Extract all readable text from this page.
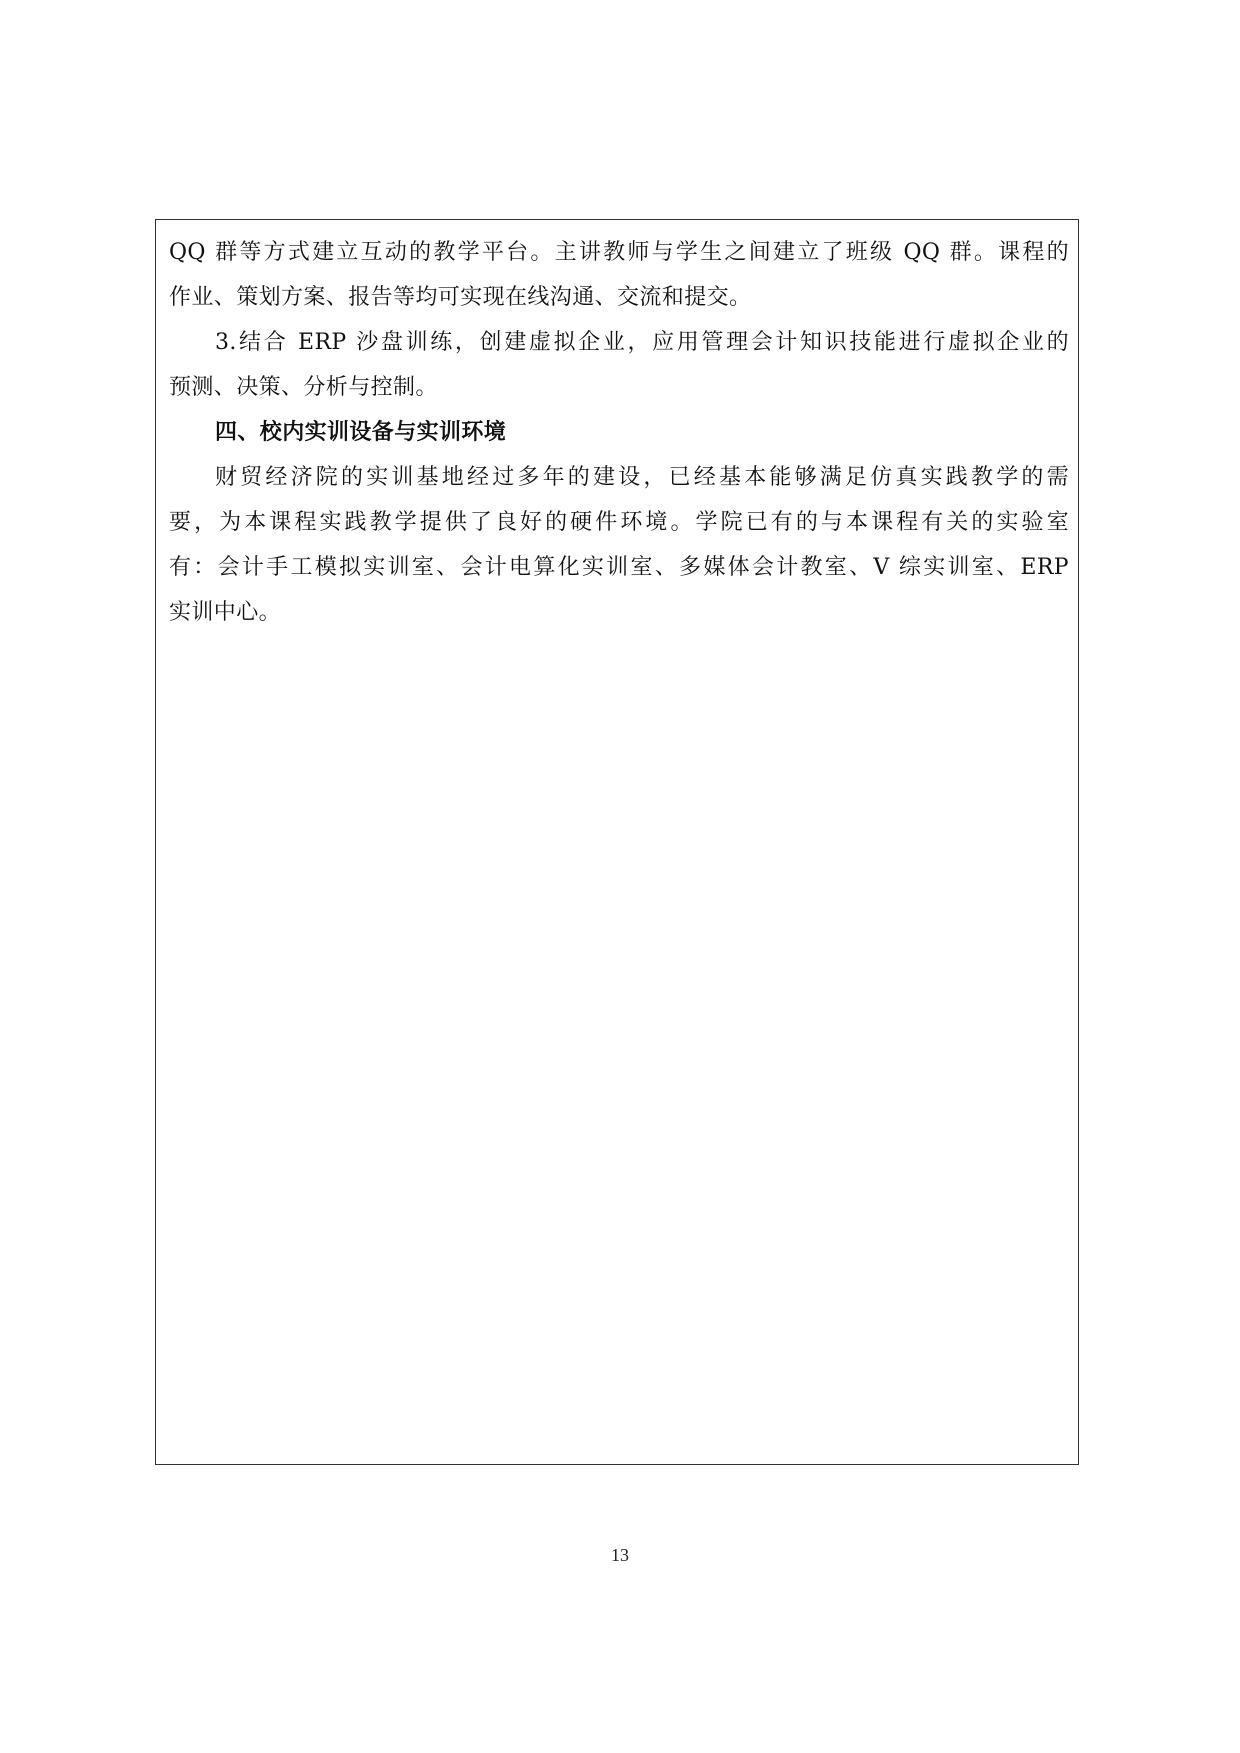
QQ 群等方式建立互动的教学平台。主讲教师与学生之间建立了班级 QQ 群。课程的
作业、策划方案、报告等均可实现在线沟通、交流和提交。
3.结合 ERP 沙盘训练，创建虚拟企业，应用管理会计知识技能进行虚拟企业的
预测、决策、分析与控制。
四、校内实训设备与实训环境
财贸经济院的实训基地经过多年的建设，已经基本能够满足仿真实践教学的需
要，为本课程实践教学提供了良好的硬件环境。学院已有的与本课程有关的实验室
有：会计手工模拟实训室、会计电算化实训室、多媒体会计教室、V 综实训室、ERP
实训中心。
13
